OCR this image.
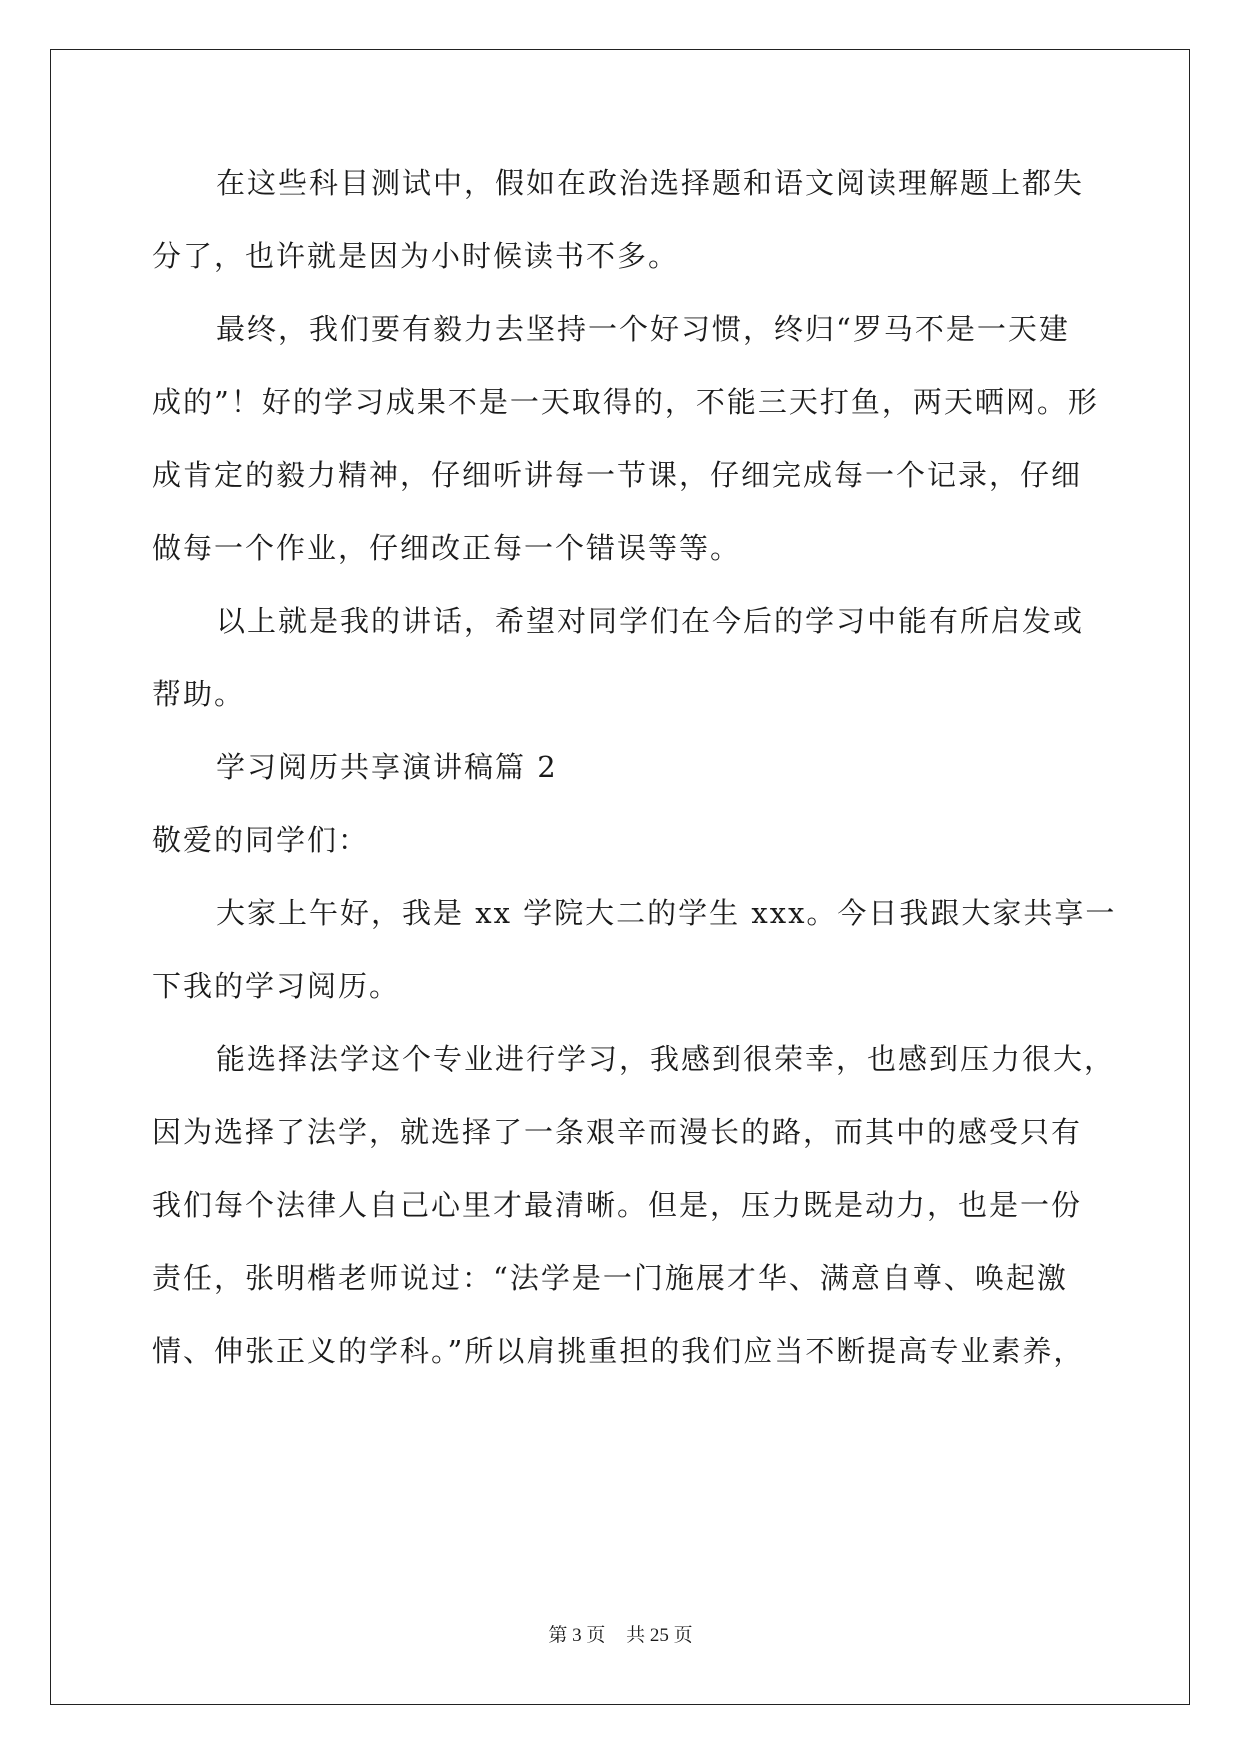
在这些科目测试中，假如在政治选择题和语文阅读理解题上都失
分了，也许就是因为小时候读书不多。
最终，我们要有毅力去坚持一个好习惯，终归“罗马不是一天建
成的”！好的学习成果不是一天取得的，不能三天打鱼，两天晒网。形
成肯定的毅力精神，仔细听讲每一节课，仔细完成每一个记录，仔细
做每一个作业，仔细改正每一个错误等等。
以上就是我的讲话，希望对同学们在今后的学习中能有所启发或
帮助。
学习阅历共享演讲稿篇 2
敬爱的同学们：
大家上午好，我是 xx 学院大二的学生 xxx。今日我跟大家共享一
下我的学习阅历。
能选择法学这个专业进行学习，我感到很荣幸，也感到压力很大，
因为选择了法学，就选择了一条艰辛而漫长的路，而其中的感受只有
我们每个法律人自己心里才最清晰。但是，压力既是动力，也是一份
责任，张明楷老师说过：“法学是一门施展才华、满意自尊、唤起激
情、伸张正义的学科。”所以肩挑重担的我们应当不断提高专业素养，
第 3 页 共 25 页
